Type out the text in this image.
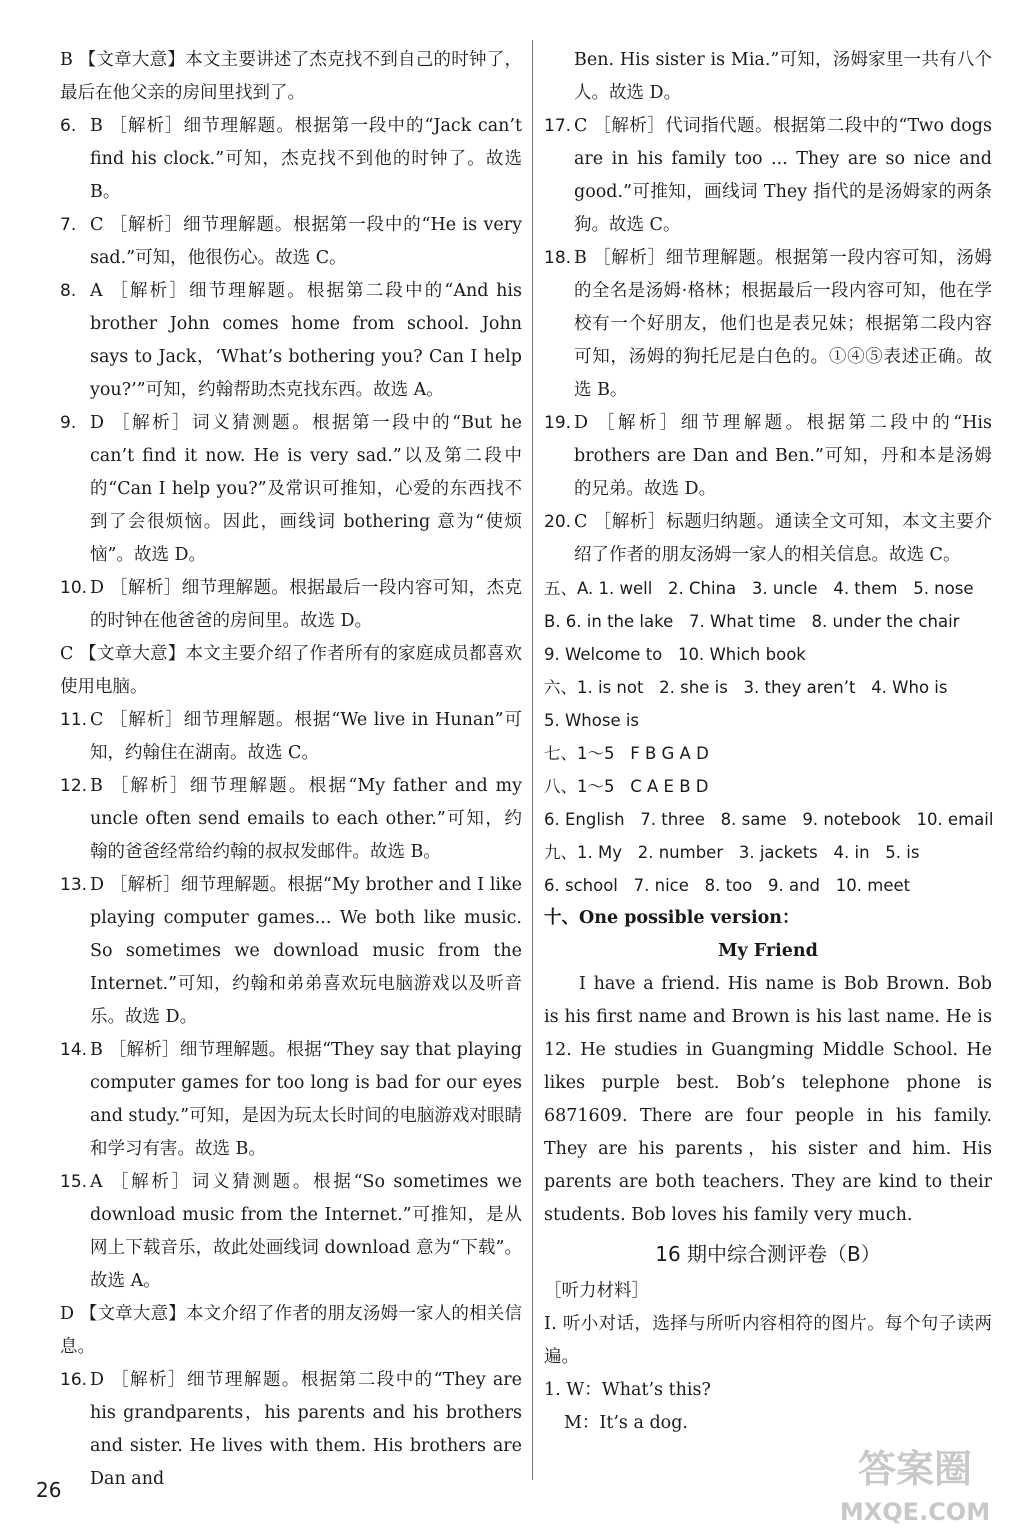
B 【文章大意】本文主要讲述了杰克找不到自己的时钟了，最后在他父亲的房间里找到了。
6. B ［解析］细节理解题。根据第一段中的“Jack can’t find his clock.”可知，杰克找不到他的时钟了。故选 B。
7. C ［解析］细节理解题。根据第一段中的“He is very sad.”可知，他很伤心。故选 C。
8. A ［解析］细节理解题。根据第二段中的“And his brother John comes home from school. John says to Jack，‘What’s bothering you? Can I help you?’”可知，约翰帮助杰克找东西。故选 A。
9. D ［解析］词义猜测题。根据第一段中的“But he can’t find it now. He is very sad.”以及第二段中的“Can I help you?”及常识可推知，心爱的东西找不到了会很烦恼。因此，画线词 bothering 意为“使烦恼”。故选 D。
10. D ［解析］细节理解题。根据最后一段内容可知，杰克的时钟在他爸爸的房间里。故选 D。
C 【文章大意】本文主要介绍了作者所有的家庭成员都喜欢使用电脑。
11. C ［解析］细节理解题。根据“We live in Hunan”可知，约翰住在湖南。故选 C。
12. B ［解析］细节理解题。根据“My father and my uncle often send emails to each other.”可知，约翰的爸爸经常给约翰的叔叔发邮件。故选 B。
13. D ［解析］细节理解题。根据“My brother and I like playing computer games... We both like music. So sometimes we download music from the Internet.”可知，约翰和弟弟喜欢玩电脑游戏以及听音乐。故选 D。
14. B ［解析］细节理解题。根据“They say that playing computer games for too long is bad for our eyes and study.”可知，是因为玩太长时间的电脑游戏对眼睛和学习有害。故选 B。
15. A ［解析］词义猜测题。根据“So sometimes we download music from the Internet.”可推知，是从网上下载音乐，故此处画线词 download 意为“下载”。故选 A。
D 【文章大意】本文介绍了作者的朋友汤姆一家人的相关信息。
16. D ［解析］细节理解题。根据第二段中的“They are his grandparents，his parents and his brothers and sister. He lives with them. His brothers are Dan and
Ben. His sister is Mia.”可知，汤姆家里一共有八个人。故选 D。
17. C ［解析］代词指代题。根据第二段中的“Two dogs are in his family too ... They are so nice and good.”可推知，画线词 They 指代的是汤姆家的两条狗。故选 C。
18. B ［解析］细节理解题。根据第一段内容可知，汤姆的全名是汤姆·格林；根据最后一段内容可知，他在学校有一个好朋友，他们也是表兄妹；根据第二段内容可知，汤姆的狗托尼是白色的。①④⑤表述正确。故选 B。
19. D ［解析］细节理解题。根据第二段中的“His brothers are Dan and Ben.”可知，丹和本是汤姆的兄弟。故选 D。
20. C ［解析］标题归纳题。通读全文可知，本文主要介绍了作者的朋友汤姆一家人的相关信息。故选 C。
五、A. 1. well   2. China   3. uncle   4. them   5. nose
B. 6. in the lake   7. What time   8. under the chair
9. Welcome to   10. Which book
六、1. is not   2. she is   3. they aren’t   4. Who is
5. Whose is
七、1～5   F B G A D
八、1～5   C A E B D
6. English   7. three   8. same   9. notebook   10. email
九、1. My   2. number   3. jackets   4. in   5. is
6. school   7. nice   8. too   9. and   10. meet
十、One possible version：
My Friend
I have a friend. His name is Bob Brown. Bob is his first name and Brown is his last name. He is 12. He studies in Guangming Middle School. He likes purple best. Bob’s telephone phone is 6871609. There are four people in his family. They are his parents，his sister and him. His parents are both teachers. They are kind to their students. Bob loves his family very much.
16 期中综合测评卷（B）
［听力材料］
Ⅰ. 听小对话，选择与所听内容相符的图片。每个句子读两遍。
1. W：What’s this?
M：It’s a dog.
26	答案圈
MXQE.COM
